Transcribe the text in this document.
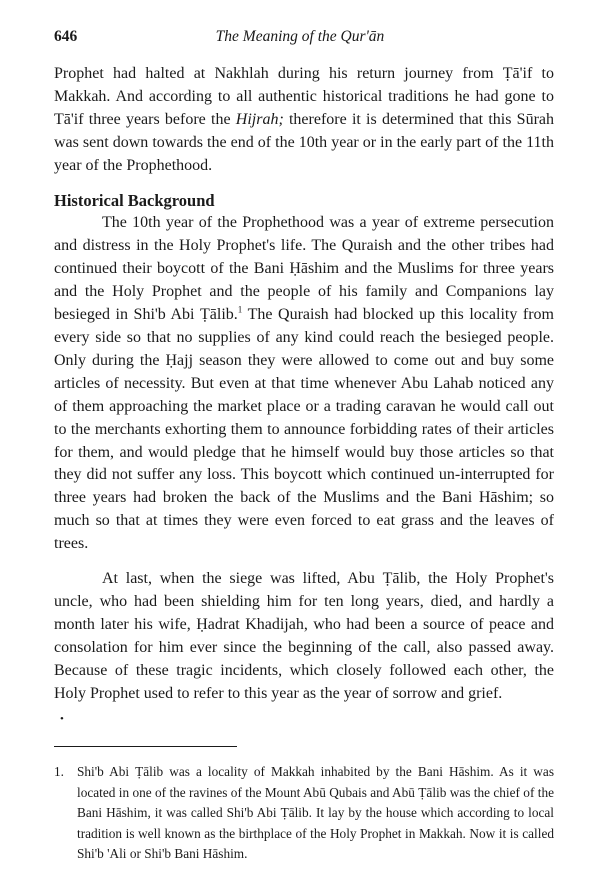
646	The Meaning of the Qur'ān

Prophet had halted at Nakhlah during his return journey from Ṭā'if to Makkah. And according to all authentic historical traditions he had gone to Tā'if three years before the Hijrah; therefore it is determined that this Sūrah was sent down towards the end of the 10th year or in the early part of the 11th year of the Prophethood.

Historical Background

The 10th year of the Prophethood was a year of extreme persecution and distress in the Holy Prophet's life. The Quraish and the other tribes had continued their boycott of the Bani Ḥāshim and the Muslims for three years and the Holy Prophet and the people of his family and Companions lay besieged in Shi'b Abi Ṭālib.$^1$ The Quraish had blocked up this locality from every side so that no supplies of any kind could reach the besieged people. Only during the Ḥajj season they were allowed to come out and buy some articles of necessity. But even at that time whenever Abu Lahab noticed any of them approaching the market place or a trading caravan he would call out to the merchants exhorting them to announce forbidding rates of their articles for them, and would pledge that he himself would buy those articles so that they did not suffer any loss. This boycott which continued un-interrupted for three years had broken the back of the Muslims and the Bani Hāshim; so much so that at times they were even forced to eat grass and the leaves of trees.

At last, when the siege was lifted, Abu Ṭālib, the Holy Prophet's uncle, who had been shielding him for ten long years, died, and hardly a month later his wife, Ḥadrat Khadijah, who had been a source of peace and consolation for him ever since the beginning of the call, also passed away. Because of these tragic incidents, which closely followed each other, the Holy Prophet used to refer to this year as the year of sorrow and grief.

•
1. Shi'b Abi Ṭālib was a locality of Makkah inhabited by the Bani Hāshim. As it was located in one of the ravines of the Mount Abū Qubais and Abū Ṭālib was the chief of the Bani Hāshim, it was called Shi'b Abi Ṭālib. It lay by the house which according to local tradition is well known as the birthplace of the Holy Prophet in Makkah. Now it is called Shi'b 'Ali or Shi'b Bani Hāshim.
